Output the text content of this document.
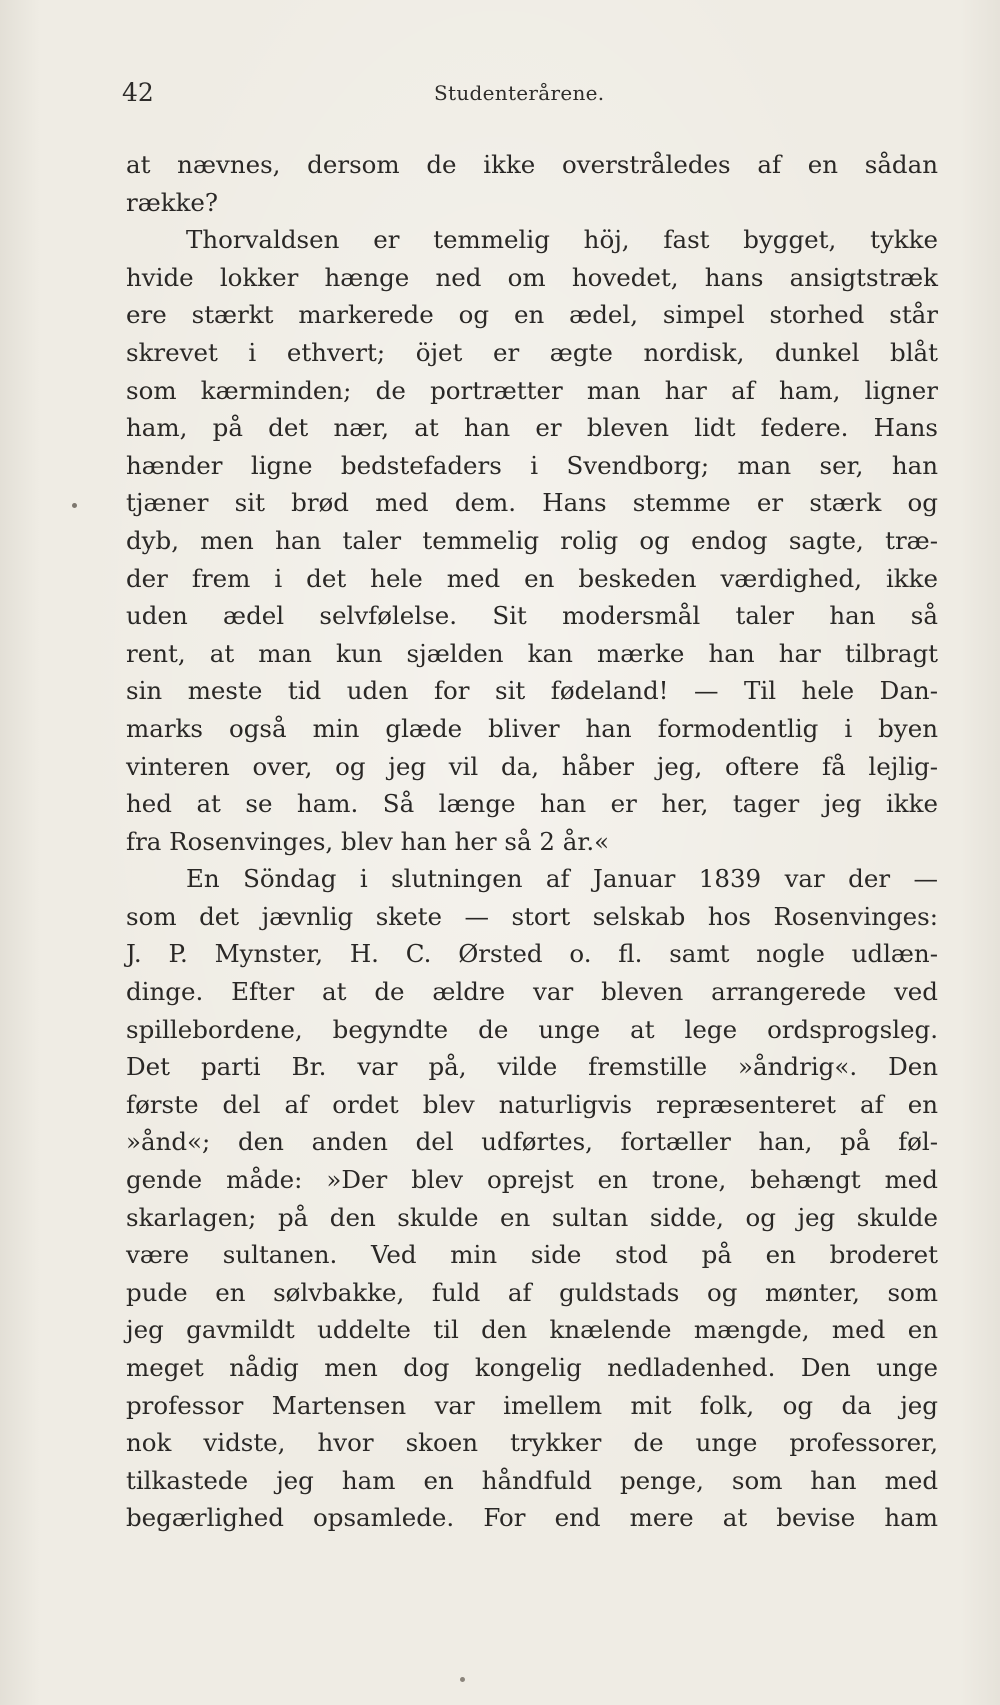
42	Studenterårene.
at nævnes, dersom de ikke overstråledes af en sådan
række?
Thorvaldsen er temmelig höj, fast bygget, tykke
hvide lokker hænge ned om hovedet, hans ansigtstræk
ere stærkt markerede og en ædel, simpel storhed står
skrevet i ethvert; öjet er ægte nordisk, dunkel blåt
som kærminden; de portrætter man har af ham, ligner
ham, på det nær, at han er bleven lidt federe. Hans
hænder ligne bedstefaders i Svendborg; man ser, han
tjæner sit brød med dem. Hans stemme er stærk og
dyb, men han taler temmelig rolig og endog sagte, træ-
der frem i det hele med en beskeden værdighed, ikke
uden ædel selvfølelse. Sit modersmål taler han så
rent, at man kun sjælden kan mærke han har tilbragt
sin meste tid uden for sit fødeland! — Til hele Dan-
marks også min glæde bliver han formodentlig i byen
vinteren over, og jeg vil da, håber jeg, oftere få lejlig-
hed at se ham. Så længe han er her, tager jeg ikke
fra Rosenvinges, blev han her så 2 år.«
En Söndag i slutningen af Januar 1839 var der —
som det jævnlig skete — stort selskab hos Rosenvinges:
J. P. Mynster, H. C. Ørsted o. fl. samt nogle udlæn-
dinge. Efter at de ældre var bleven arrangerede ved
spillebordene, begyndte de unge at lege ordsprogsleg.
Det parti Br. var på, vilde fremstille »åndrig«. Den
første del af ordet blev naturligvis repræsenteret af en
»ånd«; den anden del udførtes, fortæller han, på føl-
gende måde: »Der blev oprejst en trone, behængt med
skarlagen; på den skulde en sultan sidde, og jeg skulde
være sultanen. Ved min side stod på en broderet
pude en sølvbakke, fuld af guldstads og mønter, som
jeg gavmildt uddelte til den knælende mængde, med en
meget nådig men dog kongelig nedladenhed. Den unge
professor Martensen var imellem mit folk, og da jeg
nok vidste, hvor skoen trykker de unge professorer,
tilkastede jeg ham en håndfuld penge, som han med
begærlighed opsamlede. For end mere at bevise ham
